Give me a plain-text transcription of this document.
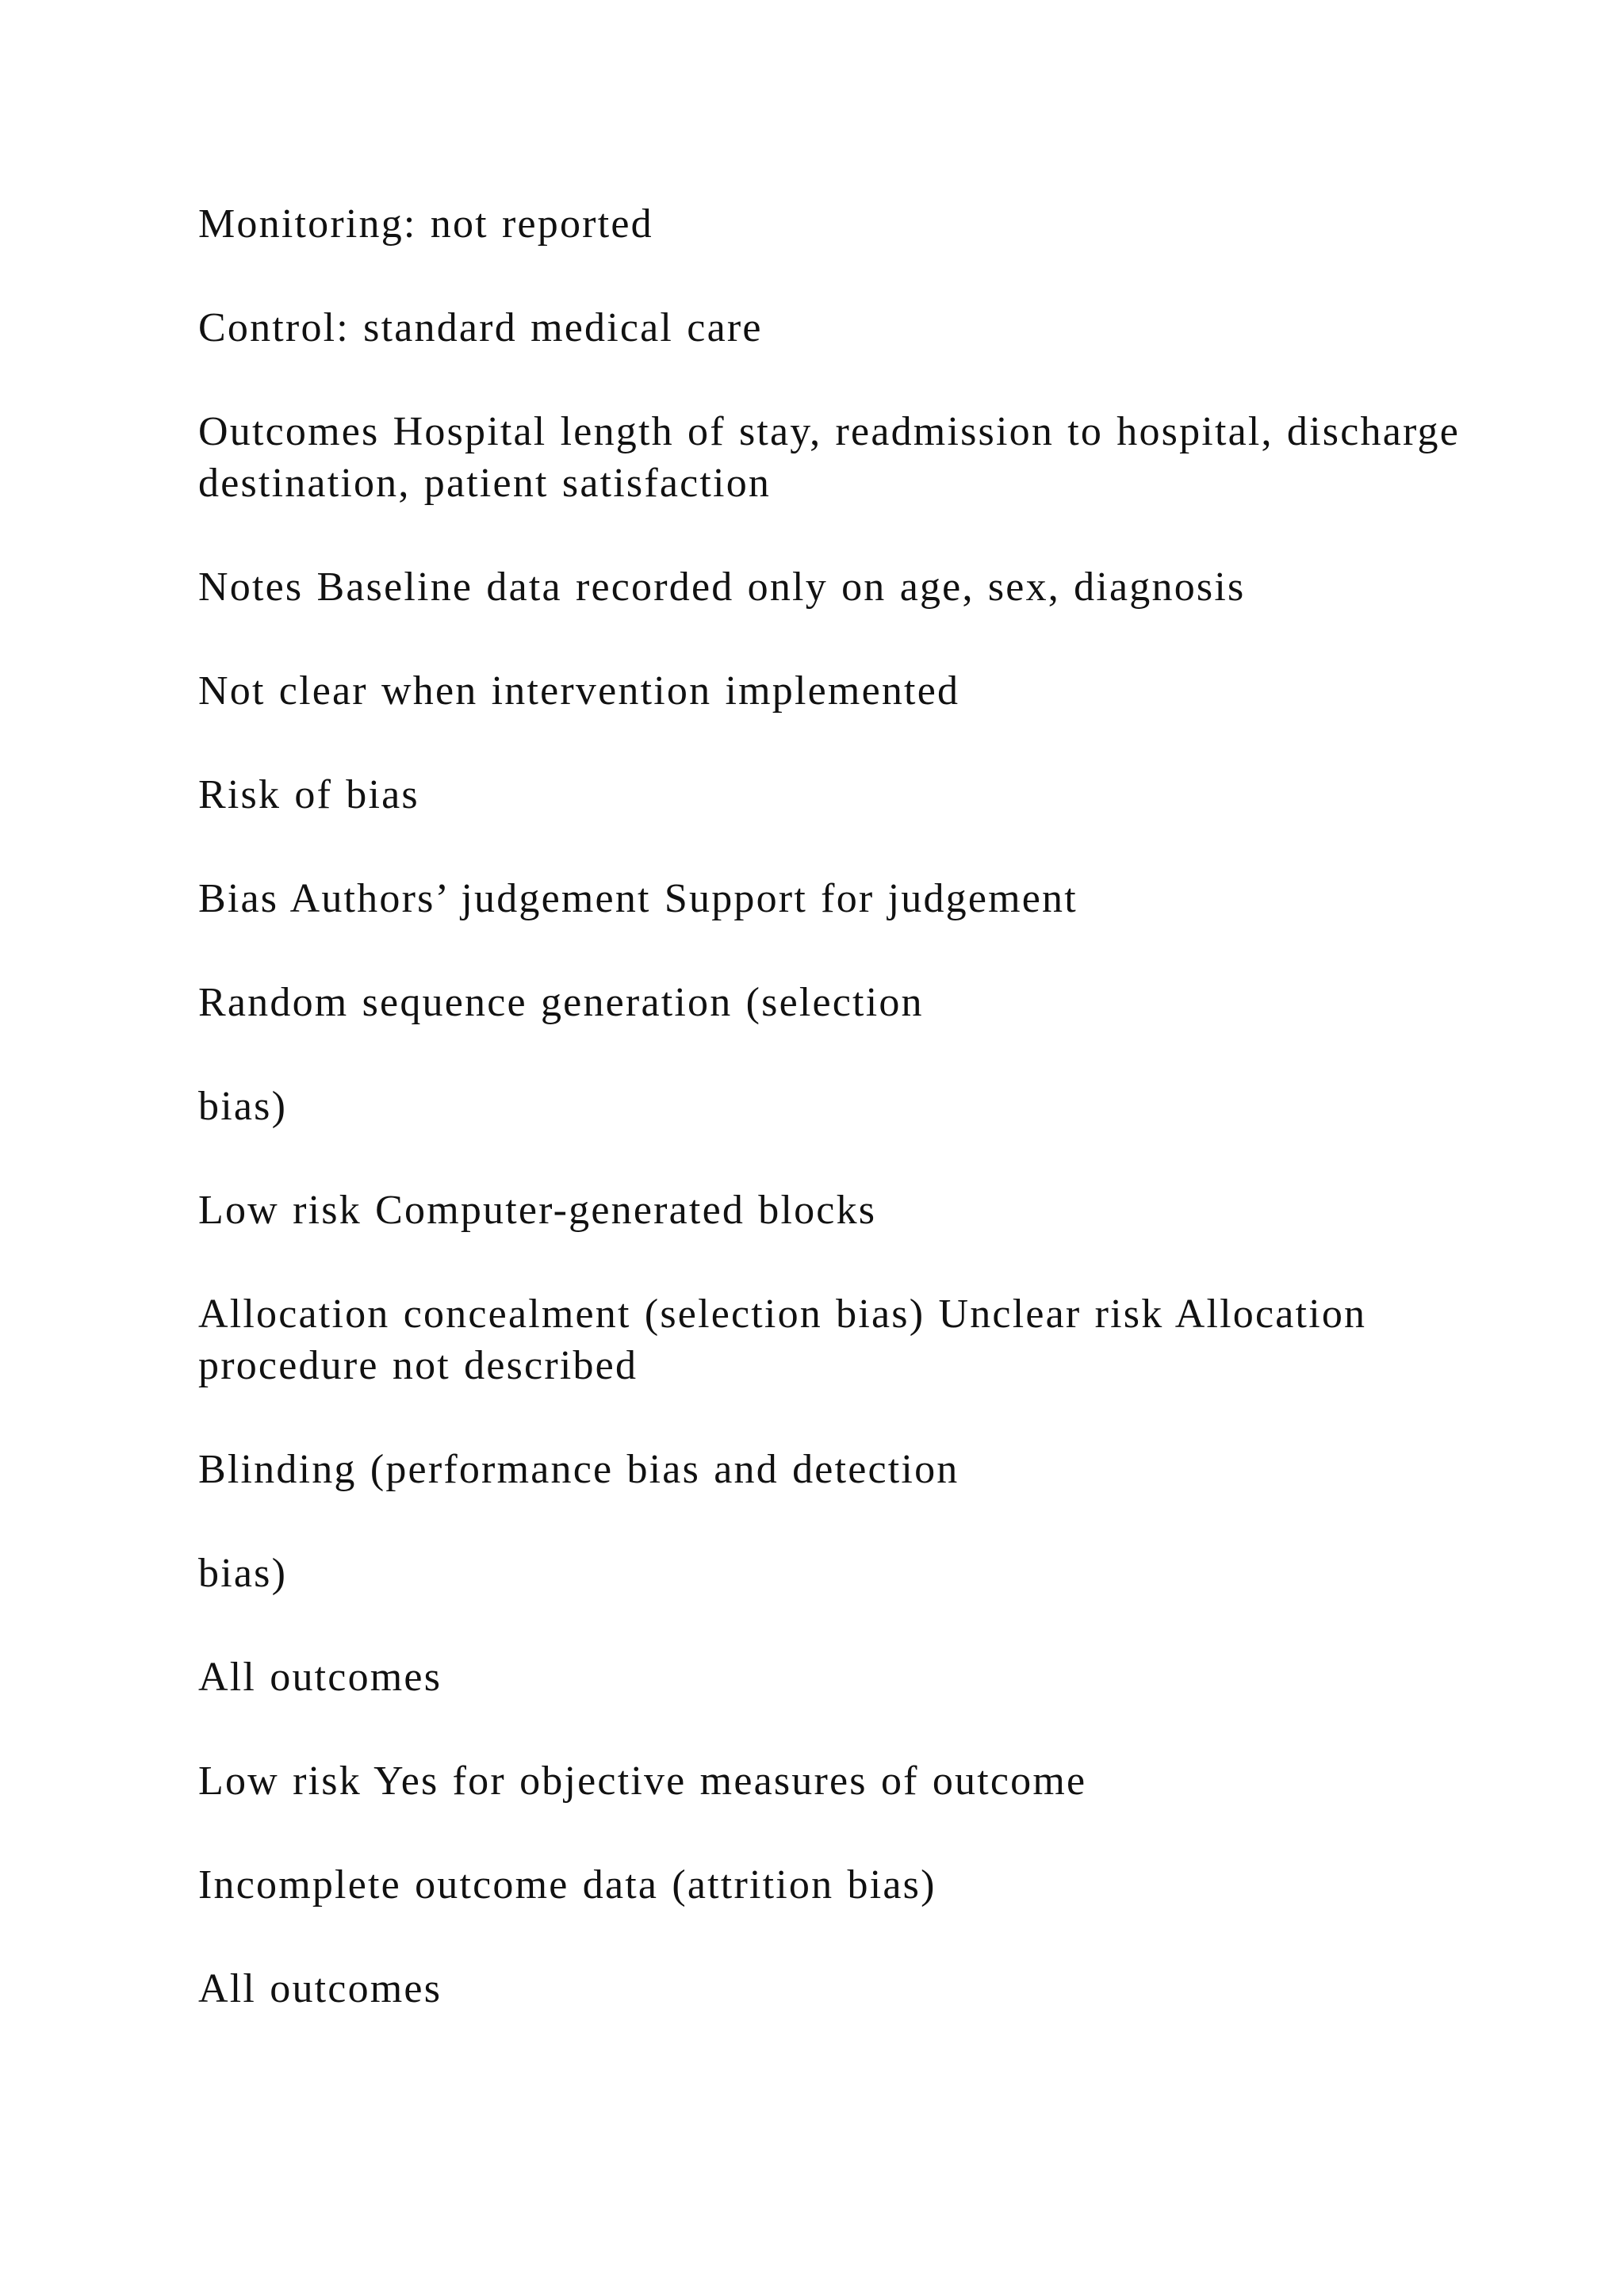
Monitoring: not reported

Control: standard medical care

Outcomes Hospital length of stay, readmission to hospital, discharge destination, patient satisfaction

Notes Baseline data recorded only on age, sex, diagnosis

Not clear when intervention implemented

Risk of bias

Bias Authors’ judgement Support for judgement

Random sequence generation (selection

bias)

Low risk Computer-generated blocks

Allocation concealment (selection bias) Unclear risk Allocation procedure not described

Blinding (performance bias and detection

bias)

All outcomes

Low risk Yes for objective measures of outcome

Incomplete outcome data (attrition bias)

All outcomes
